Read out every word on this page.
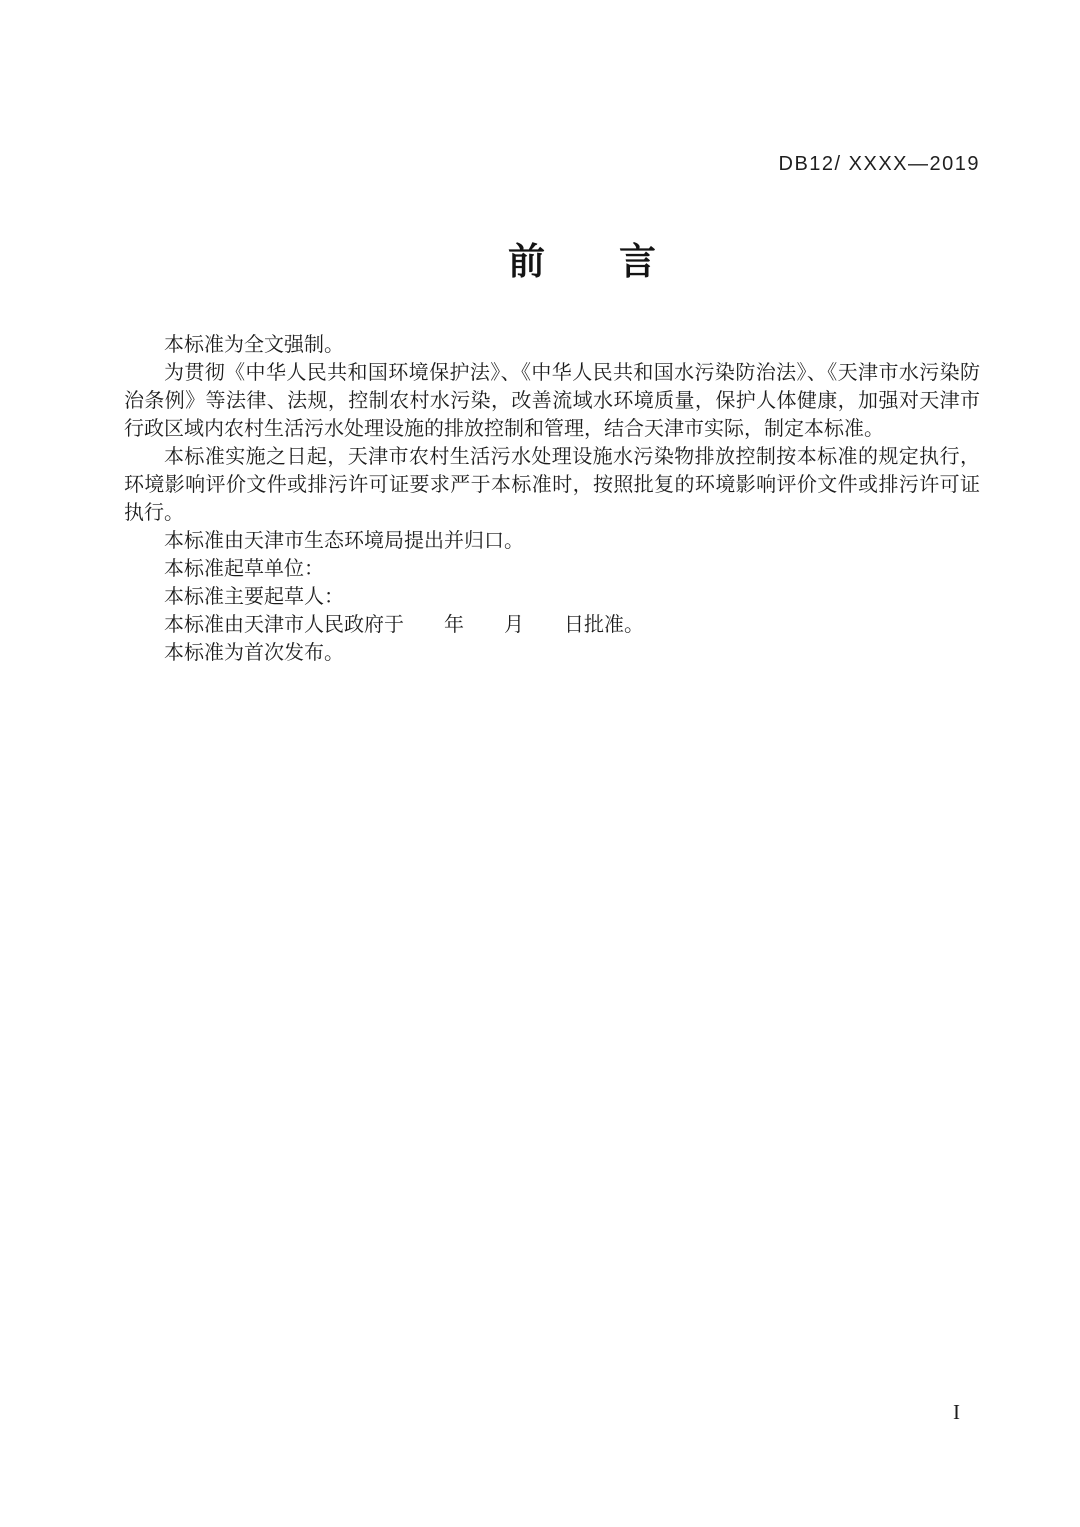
DB12/ XXXX—2019

前　　言

本标准为全文强制。

为贯彻《中华人民共和国环境保护法》、《中华人民共和国水污染防治法》、《天津市水污染防治条例》等法律、法规，控制农村水污染，改善流域水环境质量，保护人体健康，加强对天津市行政区域内农村生活污水处理设施的排放控制和管理，结合天津市实际，制定本标准。

本标准实施之日起，天津市农村生活污水处理设施水污染物排放控制按本标准的规定执行，环境影响评价文件或排污许可证要求严于本标准时，按照批复的环境影响评价文件或排污许可证执行。

本标准由天津市生态环境局提出并归口。

本标准起草单位：

本标准主要起草人：

本标准由天津市人民政府于　　年　　月　　日批准。

本标准为首次发布。

I
